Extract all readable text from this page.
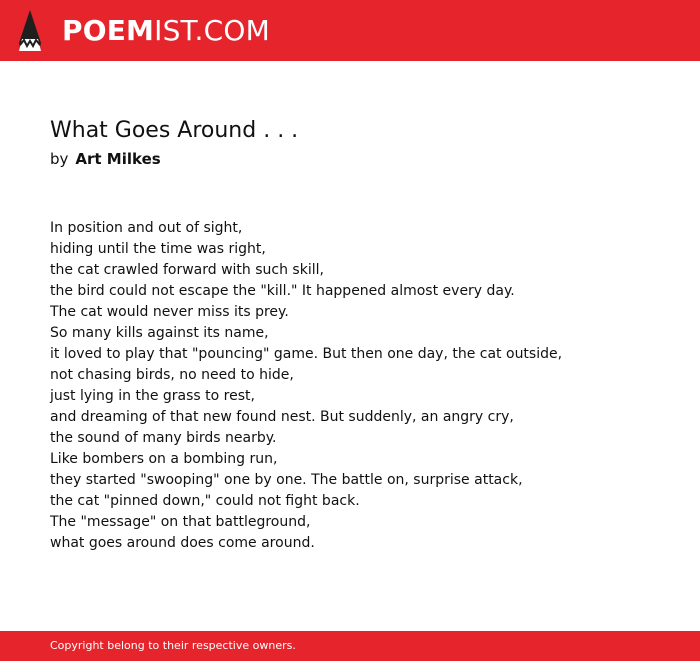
POEMIST.COM
What Goes Around . . .
by Art Milkes
In position and out of sight,
hiding until the time was right,
the cat crawled forward with such skill,
the bird could not escape the "kill." It happened almost every day.
The cat would never miss its prey.
So many kills against its name,
it loved to play that "pouncing" game. But then one day, the cat outside,
not chasing birds, no need to hide,
just lying in the grass to rest,
and dreaming of that new found nest. But suddenly, an angry cry,
the sound of many birds nearby.
Like bombers on a bombing run,
they started "swooping" one by one. The battle on, surprise attack,
the cat "pinned down," could not fight back.
The "message" on that battleground,
what goes around does come around.
Copyright belong to their respective owners.
